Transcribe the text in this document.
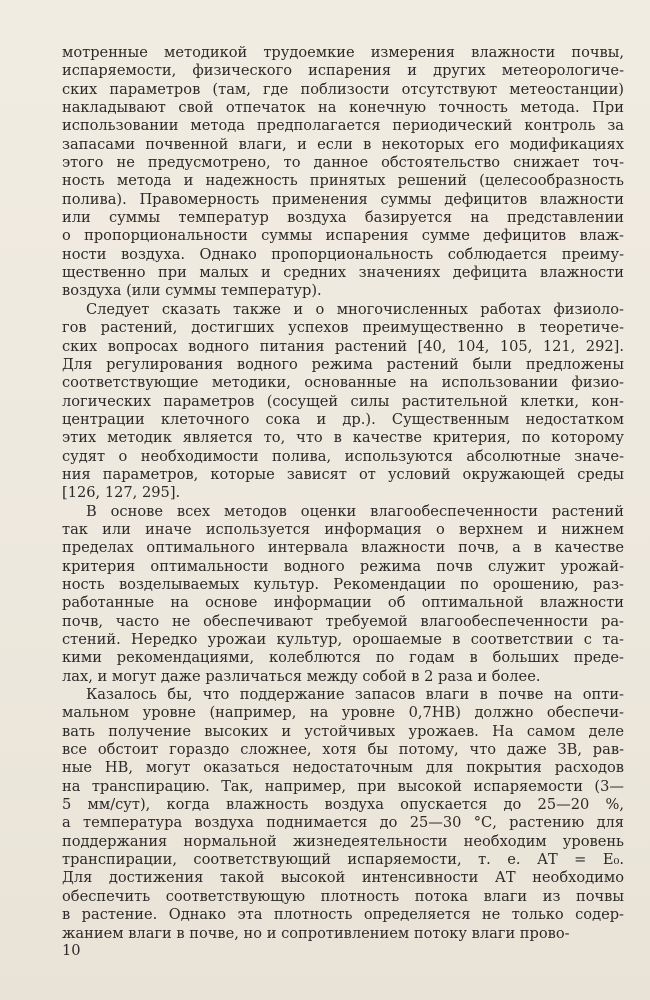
мотренные методикой трудоемкие измерения влажности почвы,
испаряемости, физического испарения и других метеорологиче-
ских параметров (там, где поблизости отсутствуют метеостанции)
накладывают свой отпечаток на конечную точность метода. При
использовании метода предполагается периодический контроль за
запасами почвенной влаги, и если в некоторых его модификациях
этого не предусмотрено, то данное обстоятельство снижает точ-
ность метода и надежность принятых решений (целесообразность
полива). Правомерность применения суммы дефицитов влажности
или суммы температур воздуха базируется на представлении
о пропорциональности суммы испарения сумме дефицитов влаж-
ности воздуха. Однако пропорциональность соблюдается преиму-
щественно при малых и средних значениях дефицита влажности
воздуха (или суммы температур).
Следует сказать также и о многочисленных работах физиоло-
гов растений, достигших успехов преимущественно в теоретиче-
ских вопросах водного питания растений [40, 104, 105, 121, 292].
Для регулирования водного режима растений были предложены
соответствующие методики, основанные на использовании физио-
логических параметров (сосущей силы растительной клетки, кон-
центрации клеточного сока и др.). Существенным недостатком
этих методик является то, что в качестве критерия, по которому
судят о необходимости полива, используются абсолютные значе-
ния параметров, которые зависят от условий окружающей среды
[126, 127, 295].
В основе всех методов оценки влагообеспеченности растений
так или иначе используется информация о верхнем и нижнем
пределах оптимального интервала влажности почв, а в качестве
критерия оптимальности водного режима почв служит урожай-
ность возделываемых культур. Рекомендации по орошению, раз-
работанные на основе информации об оптимальной влажности
почв, часто не обеспечивают требуемой влагообеспеченности ра-
стений. Нередко урожаи культур, орошаемые в соответствии с та-
кими рекомендациями, колеблются по годам в больших преде-
лах, и могут даже различаться между собой в 2 раза и более.
Казалось бы, что поддержание запасов влаги в почве на опти-
мальном уровне (например, на уровне 0,7НВ) должно обеспечи-
вать получение высоких и устойчивых урожаев. На самом деле
все обстоит гораздо сложнее, хотя бы потому, что даже ЗВ, рав-
ные НВ, могут оказаться недостаточным для покрытия расходов
на транспирацию. Так, например, при высокой испаряемости (3—
5 мм/сут), когда влажность воздуха опускается до 25—20 %,
а температура воздуха поднимается до 25—30 °С, растению для
поддержания нормальной жизнедеятельности необходим уровень
транспирации, соответствующий испаряемости, т. е. АТ = E₀.
Для достижения такой высокой интенсивности АТ необходимо
обеспечить соответствующую плотность потока влаги из почвы
в растение. Однако эта плотность определяется не только содер-
жанием влаги в почве, но и сопротивлением потоку влаги прово-
10
